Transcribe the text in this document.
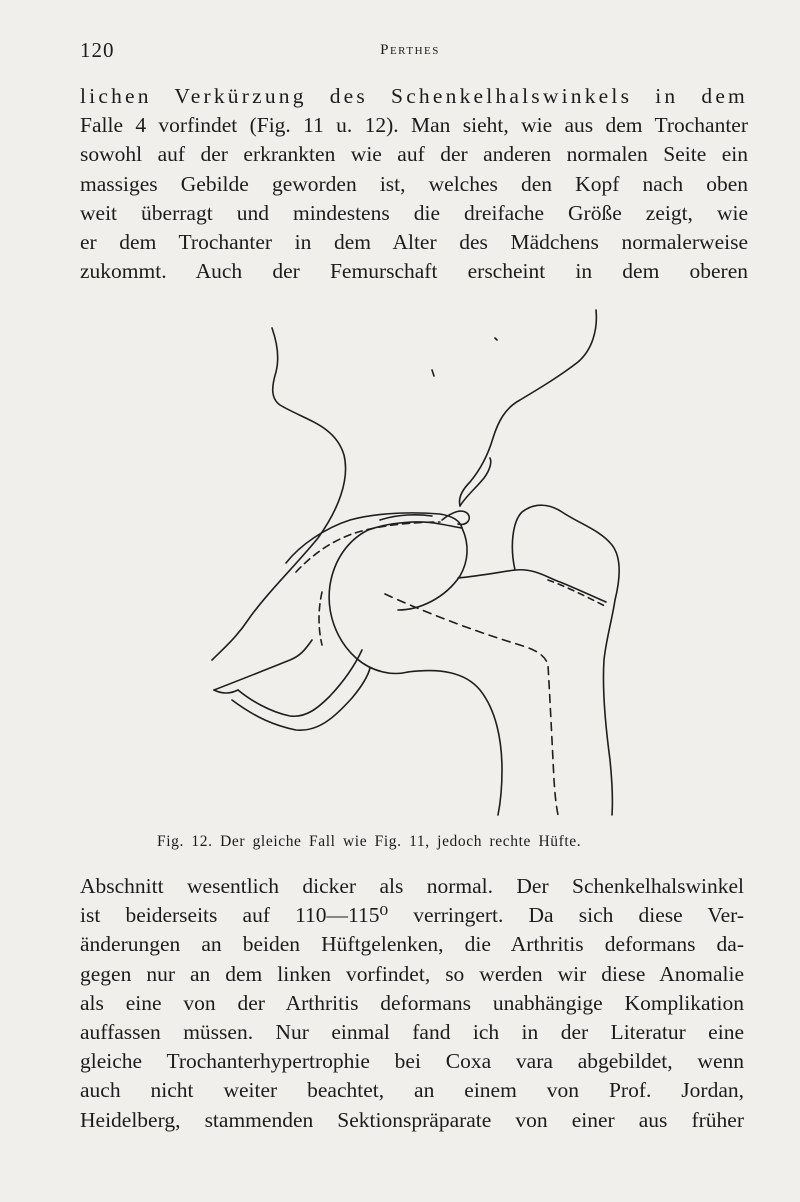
120	Perthes
lichen Verkürzung des Schenkelhalswinkels in dem
Falle 4 vorfindet (Fig. 11 u. 12). Man sieht, wie aus dem Trochanter
sowohl auf der erkrankten wie auf der anderen normalen Seite ein
massiges Gebilde geworden ist, welches den Kopf nach oben
weit überragt und mindestens die dreifache Größe zeigt, wie
er dem Trochanter in dem Alter des Mädchens normalerweise
zukommt. Auch der Femurschaft erscheint in dem oberen
Fig. 12. Der gleiche Fall wie Fig. 11, jedoch rechte Hüfte.
Abschnitt wesentlich dicker als normal. Der Schenkelhalswinkel
ist beiderseits auf 110—115⁰ verringert. Da sich diese Ver-
änderungen an beiden Hüftgelenken, die Arthritis deformans da-
gegen nur an dem linken vorfindet, so werden wir diese Anomalie
als eine von der Arthritis deformans unabhängige Komplikation
auffassen müssen. Nur einmal fand ich in der Literatur eine
gleiche Trochanterhypertrophie bei Coxa vara abgebildet, wenn
auch nicht weiter beachtet, an einem von Prof. Jordan,
Heidelberg, stammenden Sektionspräparate von einer aus früher
